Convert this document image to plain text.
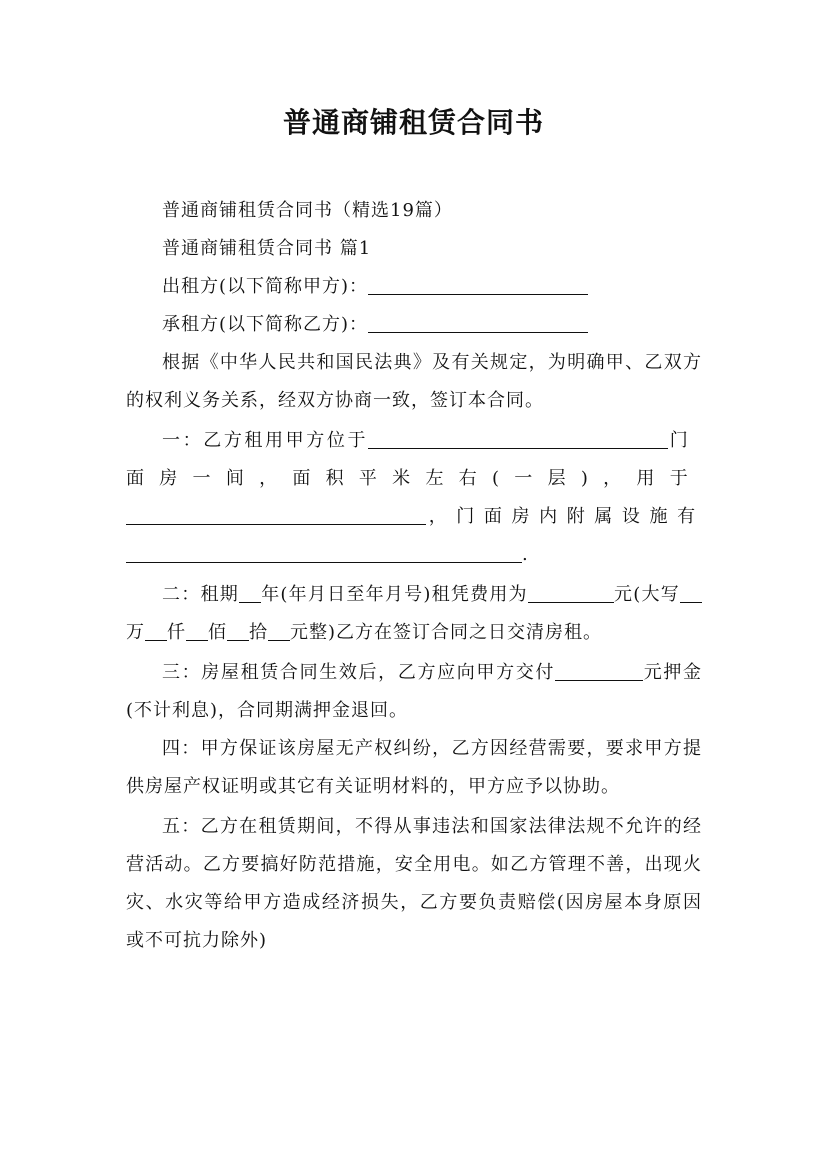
普通商铺租赁合同书

普通商铺租赁合同书（精选19篇）

普通商铺租赁合同书 篇1

出租方(以下简称甲方)：

承租方(以下简称乙方)：

根据《中华人民共和国民法典》及有关规定，为明确甲、乙双方的权利义务关系，经双方协商一致，签订本合同。

一：乙方租用甲方位于	门面房一间，面积平米左右(一层)，用于，门面房内附属设施有.

二：租期 年(年月日至年月号)租凭费用为	元(大写万 仟 佰 拾 元整)乙方在签订合同之日交清房租。

三：房屋租赁合同生效后，乙方应向甲方交付	元押金(不计利息)，合同期满押金退回。

四：甲方保证该房屋无产权纠纷，乙方因经营需要，要求甲方提供房屋产权证明或其它有关证明材料的，甲方应予以协助。

五：乙方在租赁期间，不得从事违法和国家法律法规不允许的经营活动。乙方要搞好防范措施，安全用电。如乙方管理不善，出现火灾、水灾等给甲方造成经济损失，乙方要负责赔偿(因房屋本身原因或不可抗力除外)
